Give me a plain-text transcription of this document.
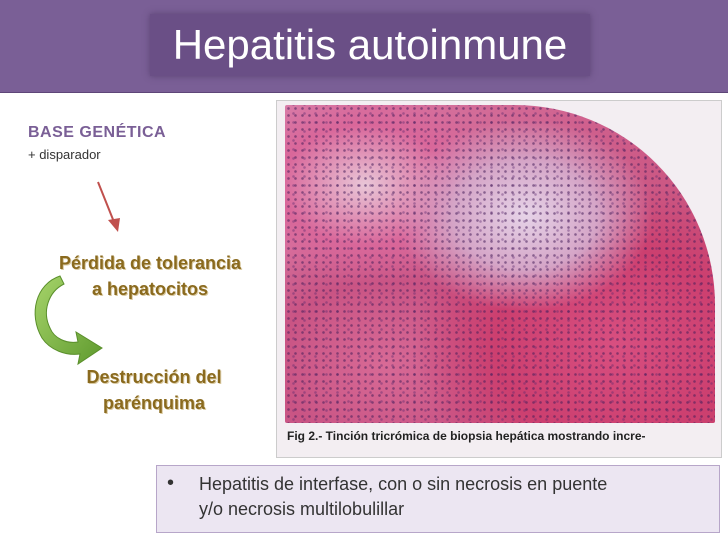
Hepatitis autoinmune
BASE GENÉTICA
+ disparador
Pérdida de tolerancia
a hepatocitos
Destrucción del
parénquima
Fig 2.- Tinción tricrómica de biopsia hepática mostrando incre-
• Hepatitis de interfase, con o sin necrosis en puente
y/o necrosis multilobulillar
